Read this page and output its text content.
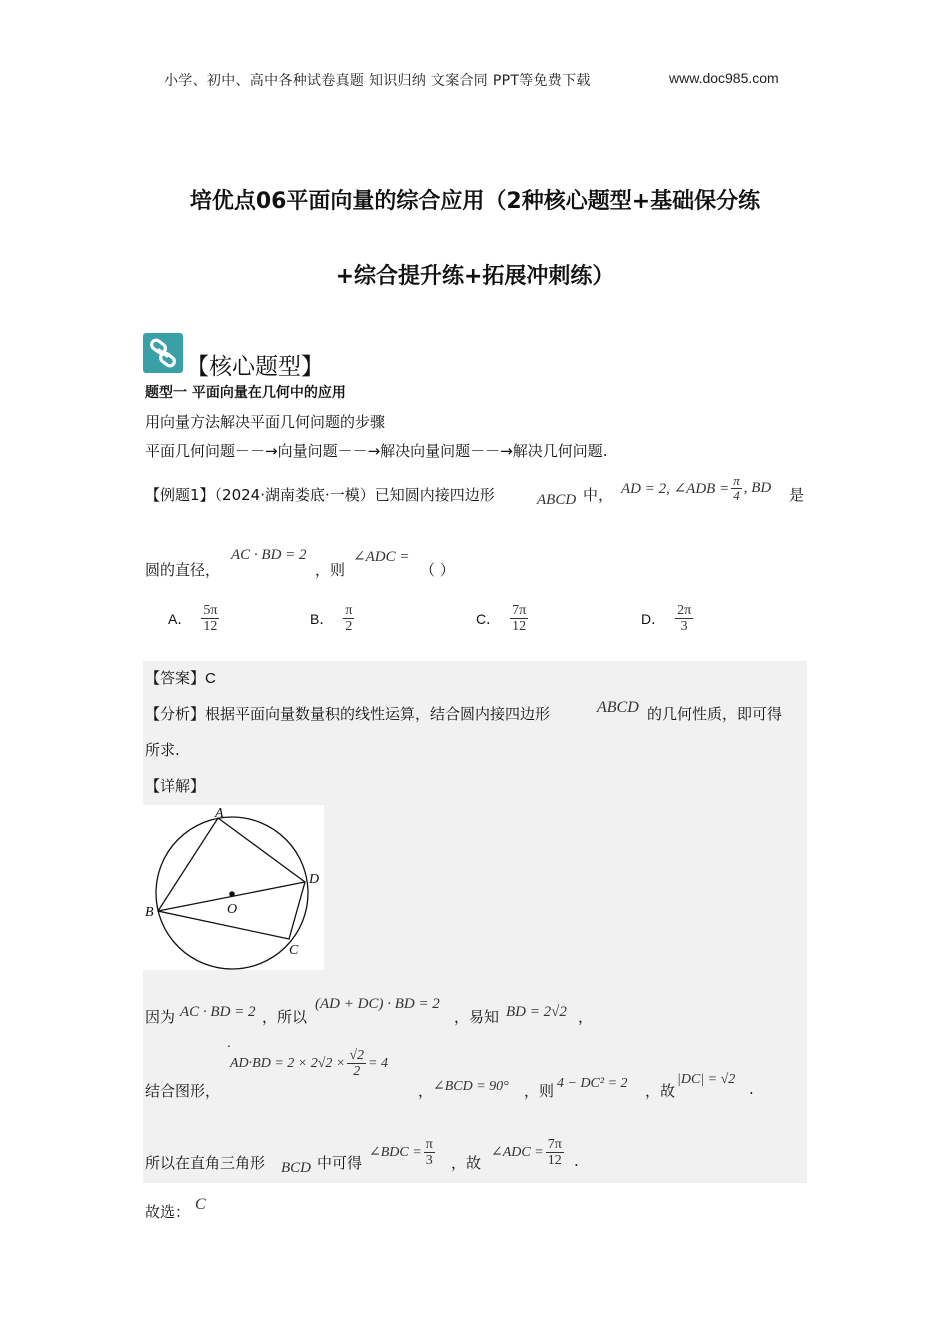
小学、初中、高中各种试卷真题 知识归纳 文案合同 PPT等免费下载	www.doc985.com
培优点06平面向量的综合应用（2种核心题型+基础保分练
+综合提升练+拓展冲刺练）
【核心题型】
题型一 平面向量在几何中的应用
用向量方法解决平面几何问题的步骤
平面几何问题－－→向量问题－－→解决向量问题－－→解决几何问题.
【例题1】（2024·湖南娄底·一模）已知圆内接四边形	ABCD 中， AD = 2, ∠ADB = $\frac{\pi}{4}$ , BD 是
圆的直径，
AC · BD = 2
，则
∠ADC =
（ ）
A． $\frac{5\pi}{12}$	B． $\frac{\pi}{2}$	C． $\frac{7\pi}{12}$	D． $\frac{2\pi}{3}$
【答案】C
【分析】根据平面向量数量积的线性运算，结合圆内接四边形	ABCD 的几何性质，即可得
所求.
【详解】
A
B
C
D
O
因为 AC · BD = 2 ，所以
(AD + DC) · BD = 2
，易知 BD = 2√2 ，
.
结合图形，
$AD\cdot BD = 2 \times 2√2 \times \frac{√2}{2} = 4$
， ∠BCD = 90° ，则 4 − DC² = 2 ，故
|DC| = √2
.
所以在直角三角形 BCD 中可得
∠BDC = $\frac{\pi}{3}$ ，故
∠ADC = $\frac{7\pi}{12}$ .
故选： C
